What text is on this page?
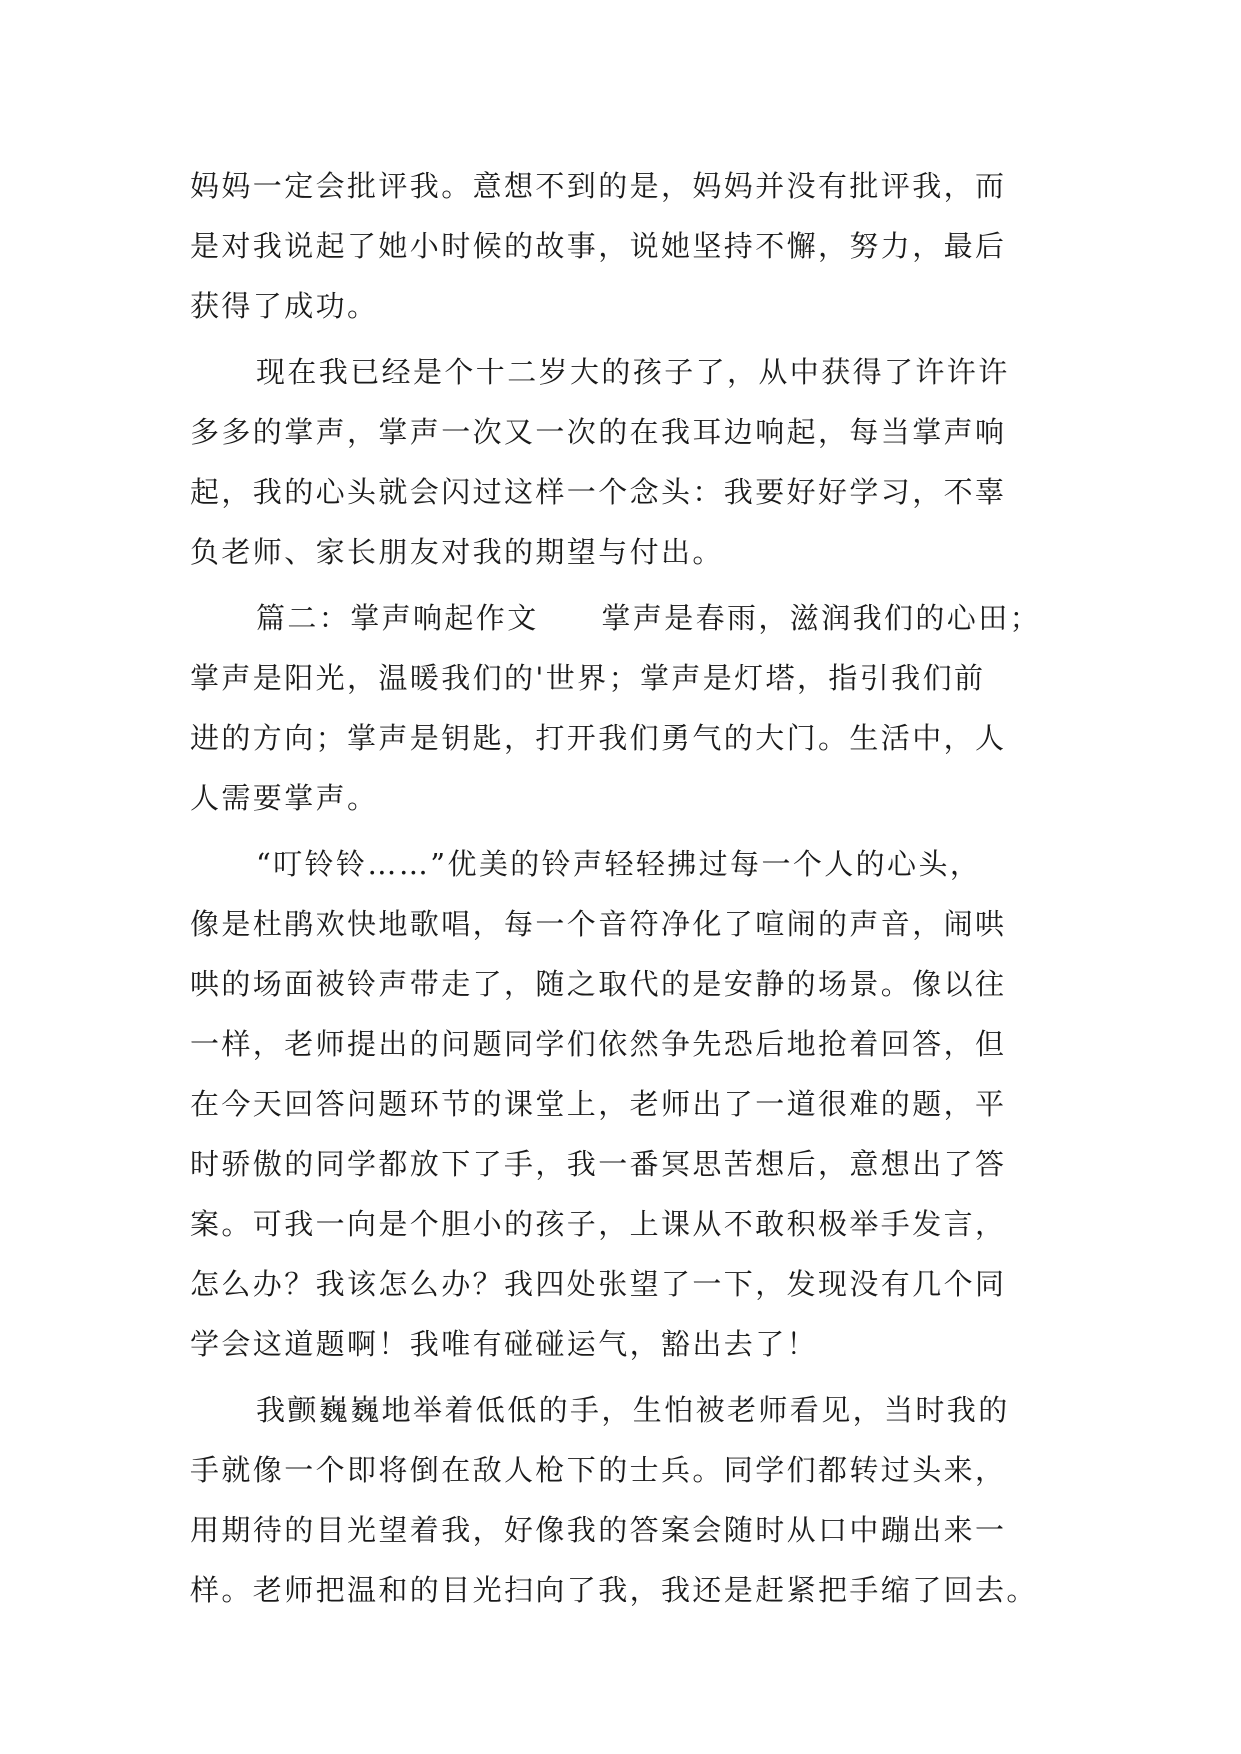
妈妈一定会批评我。意想不到的是，妈妈并没有批评我，而
是对我说起了她小时候的故事，说她坚持不懈，努力，最后
获得了成功。
现在我已经是个十二岁大的孩子了，从中获得了许许许
多多的掌声，掌声一次又一次的在我耳边响起，每当掌声响
起，我的心头就会闪过这样一个念头：我要好好学习，不辜
负老师、家长朋友对我的期望与付出。
篇二：掌声响起作文　　掌声是春雨，滋润我们的心田；
掌声是阳光，温暖我们的'世界；掌声是灯塔，指引我们前
进的方向；掌声是钥匙，打开我们勇气的大门。生活中，人
人需要掌声。
“叮铃铃……”优美的铃声轻轻拂过每一个人的心头，
像是杜鹃欢快地歌唱，每一个音符净化了喧闹的声音，闹哄
哄的场面被铃声带走了，随之取代的是安静的场景。像以往
一样，老师提出的问题同学们依然争先恐后地抢着回答，但
在今天回答问题环节的课堂上，老师出了一道很难的题，平
时骄傲的同学都放下了手，我一番冥思苦想后，意想出了答
案。可我一向是个胆小的孩子，上课从不敢积极举手发言，
怎么办？我该怎么办？我四处张望了一下，发现没有几个同
学会这道题啊！我唯有碰碰运气，豁出去了！
我颤巍巍地举着低低的手，生怕被老师看见，当时我的
手就像一个即将倒在敌人枪下的士兵。同学们都转过头来，
用期待的目光望着我，好像我的答案会随时从口中蹦出来一
样。老师把温和的目光扫向了我，我还是赶紧把手缩了回去。
